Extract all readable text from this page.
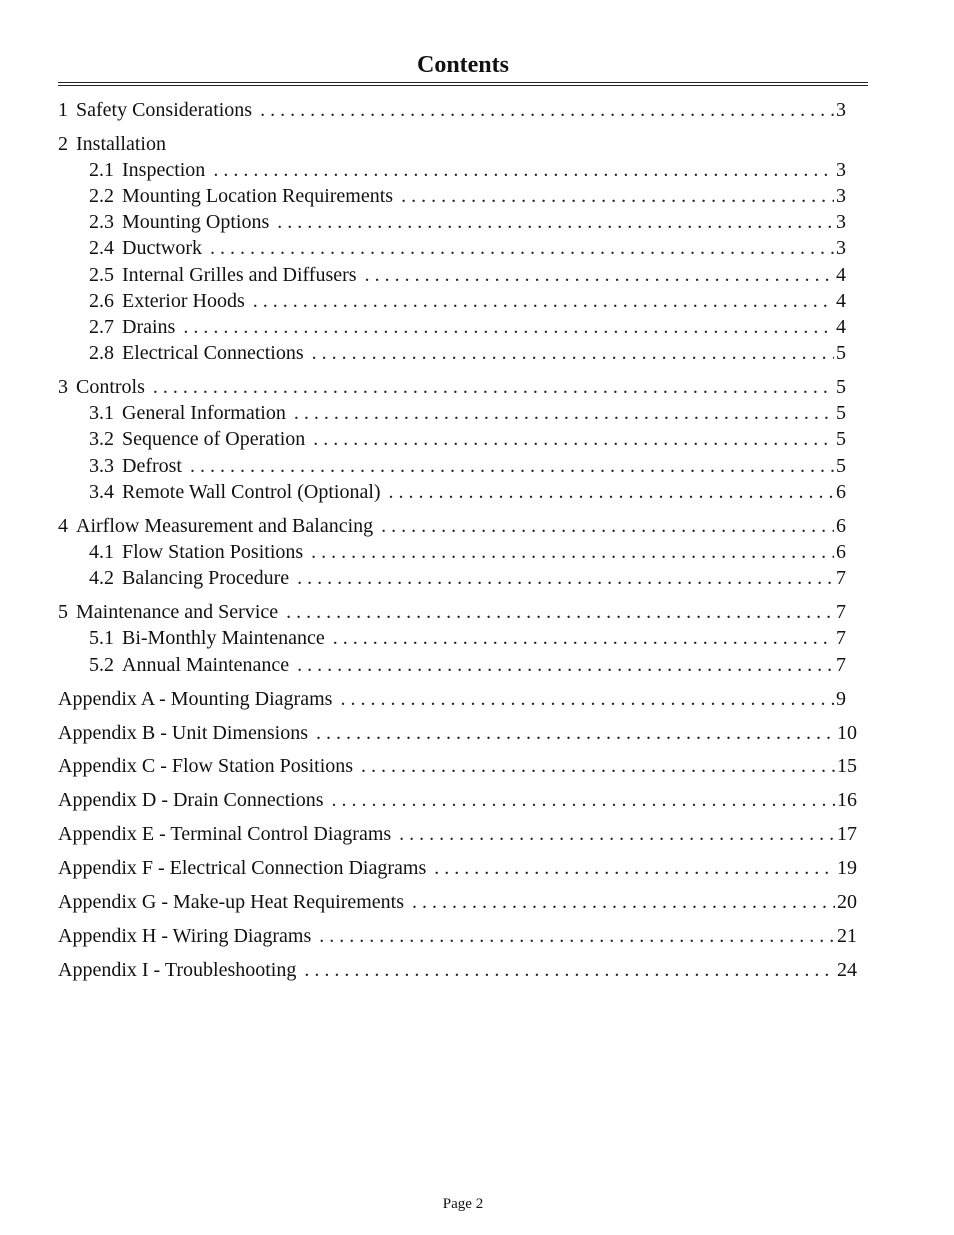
Contents
1 Safety Considerations . . .	3
2 Installation
2.1 Inspection . . .	3
2.2 Mounting Location Requirements . . .	3
2.3 Mounting Options . . .	3
2.4 Ductwork . . .	3
2.5 Internal Grilles and Diffusers . . .	4
2.6 Exterior Hoods . . .	4
2.7 Drains . . .	4
2.8 Electrical Connections . . .	5
3 Controls . . .	5
3.1 General Information . . .	5
3.2 Sequence of Operation . . .	5
3.3 Defrost . . .	5
3.4 Remote Wall Control (Optional) . . .	6
4 Airflow Measurement and Balancing . . .	6
4.1 Flow Station Positions . . .	6
4.2 Balancing Procedure . . .	7
5 Maintenance and Service . . .	7
5.1 Bi-Monthly Maintenance . . .	7
5.2 Annual Maintenance . . .	7
Appendix A - Mounting Diagrams . . .	9
Appendix B - Unit Dimensions . . .	10
Appendix C - Flow Station Positions . . .	15
Appendix D - Drain Connections . . .	16
Appendix E - Terminal Control Diagrams . . .	17
Appendix F - Electrical Connection Diagrams . . .	19
Appendix G - Make-up Heat Requirements . . .	20
Appendix H - Wiring Diagrams . . .	21
Appendix I - Troubleshooting . . .	24
Page 2
